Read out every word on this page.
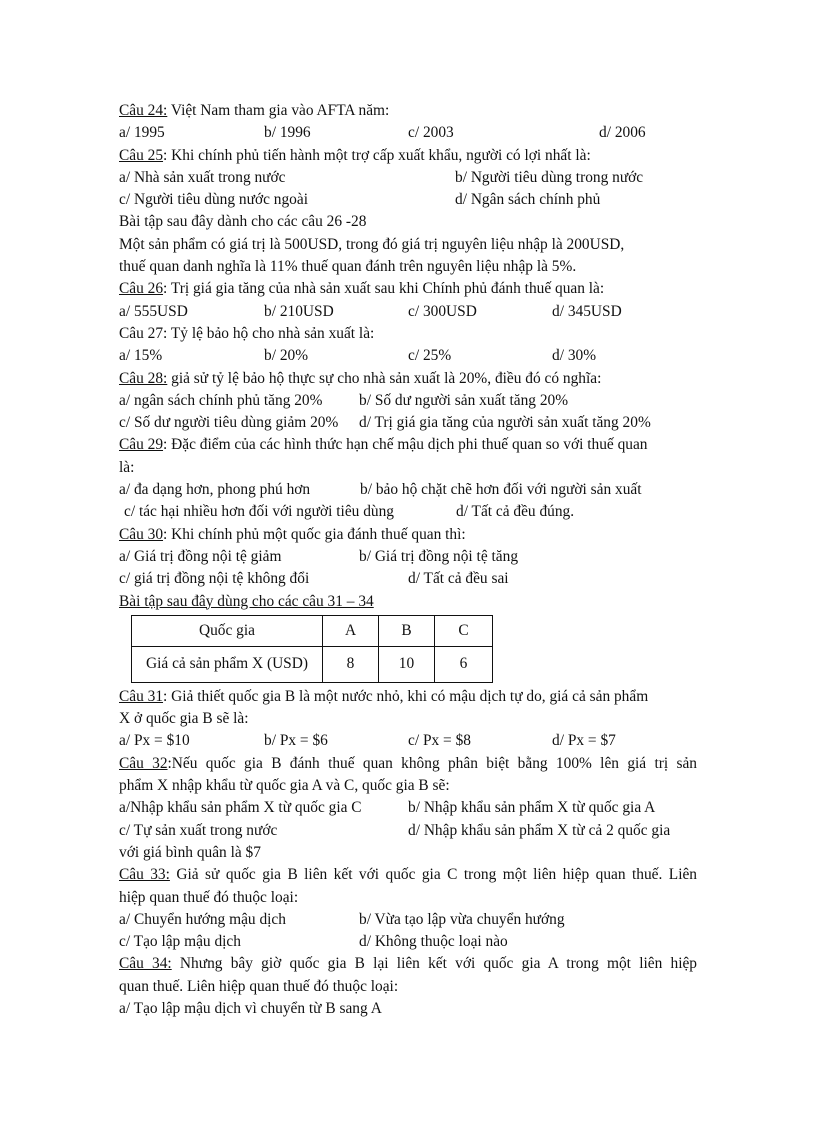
Câu 24: Việt Nam tham gia vào AFTA năm:
a/ 1995	b/ 1996	c/ 2003	d/ 2006
Câu 25: Khi chính phủ tiến hành một trợ cấp xuất khẩu, người có lợi nhất là:
a/ Nhà sản xuất trong nước	b/ Người tiêu dùng trong nước
c/ Người tiêu dùng nước ngoài	d/ Ngân sách chính phủ
Bài tập sau đây dành cho các câu 26 -28
Một sản phẩm có giá trị là 500USD, trong đó giá trị nguyên liệu nhập là 200USD,
thuế quan danh nghĩa là 11% thuế quan đánh trên nguyên liệu nhập là 5%.
Câu 26: Trị giá gia tăng của nhà sản xuất sau khi Chính phủ đánh thuế quan là:
a/ 555USD	b/ 210USD	c/ 300USD	d/ 345USD
Câu 27: Tỷ lệ bảo hộ cho nhà sản xuất là:
a/ 15%	b/ 20%	c/ 25%	d/ 30%
Câu 28: giả sử tỷ lệ bảo hộ thực sự cho nhà sản xuất là 20%, điều đó có nghĩa:
a/ ngân sách chính phủ tăng 20% b/ Số dư người sản xuất tăng 20%
c/ Số dư người tiêu dùng giảm 20% d/ Trị giá gia tăng của người sản xuất tăng 20%
Câu 29: Đặc điểm của các hình thức hạn chế mậu dịch phi thuế quan so với thuế quan
là:
a/ đa dạng hơn, phong phú hơn	b/ bảo hộ chặt chẽ hơn đối với người sản xuất
c/ tác hại nhiều hơn đối với người tiêu dùng	d/ Tất cả đều đúng.
Câu 30: Khi chính phủ một quốc gia đánh thuế quan thì:
a/ Giá trị đồng nội tệ giảm	b/ Giá trị đồng nội tệ tăng
c/ giá trị đồng nội tệ không đổi	d/ Tất cả đều sai
Bài tập sau đây dùng cho các câu 31 – 34
Quốc gia	A	B	C
Giá cả sản phẩm X (USD)	8	10	6
Câu 31: Giả thiết quốc gia B là một nước nhỏ, khi có mậu dịch tự do, giá cả sản phẩm
X ở quốc gia B sẽ là:
a/ Px = $10	b/ Px = $6	c/ Px = $8	d/ Px = $7
Câu 32:Nếu quốc gia B đánh thuế quan không phân biệt bằng 100% lên giá trị sản
phẩm X nhập khẩu từ quốc gia A và C, quốc gia B sẽ:
a/Nhập khẩu sản phẩm X từ quốc gia C	b/ Nhập khẩu sản phẩm X từ quốc gia A
c/ Tự sản xuất trong nước	d/ Nhập khẩu sản phẩm X từ cả 2 quốc gia
với giá bình quân là $7
Câu 33: Giả sử quốc gia B liên kết với quốc gia C trong một liên hiệp quan thuế. Liên
hiệp quan thuế đó thuộc loại:
a/ Chuyển hướng mậu dịch	b/ Vừa tạo lập vừa chuyển hướng
c/ Tạo lập mậu dịch	d/ Không thuộc loại nào
Câu 34: Nhưng bây giờ quốc gia B lại liên kết với quốc gia A trong một liên hiệp
quan thuế. Liên hiệp quan thuế đó thuộc loại:
a/ Tạo lập mậu dịch vì chuyển từ B sang A
